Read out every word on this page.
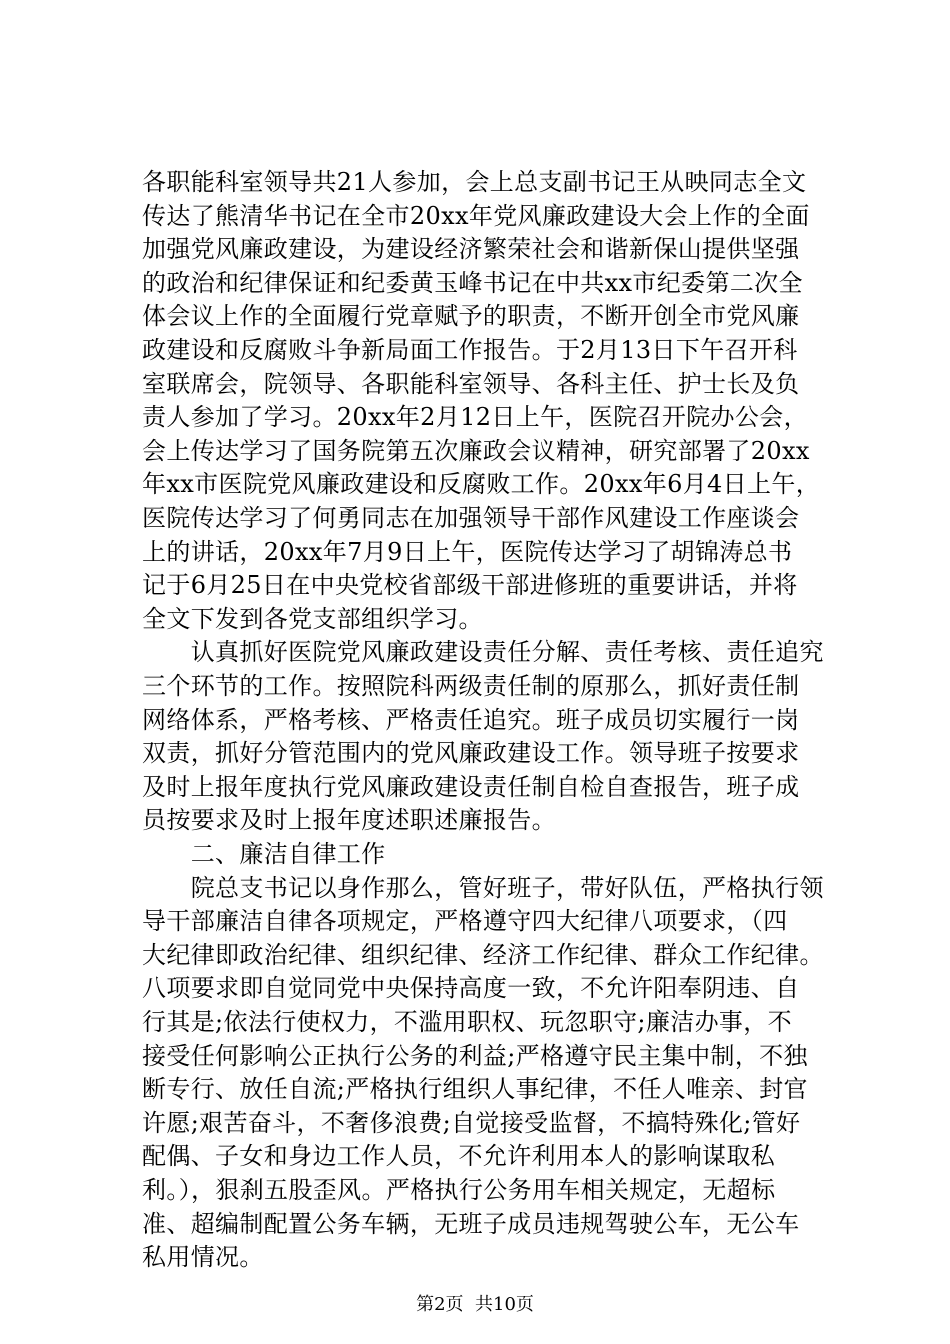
各职能科室领导共21人参加，会上总支副书记王从映同志全文
传达了熊清华书记在全市20xx年党风廉政建设大会上作的全面
加强党风廉政建设，为建设经济繁荣社会和谐新保山提供坚强
的政治和纪律保证和纪委黄玉峰书记在中共xx市纪委第二次全
体会议上作的全面履行党章赋予的职责，不断开创全市党风廉
政建设和反腐败斗争新局面工作报告。于2月13日下午召开科
室联席会，院领导、各职能科室领导、各科主任、护士长及负
责人参加了学习。20xx年2月12日上午，医院召开院办公会，
会上传达学习了国务院第五次廉政会议精神，研究部署了20xx
年xx市医院党风廉政建设和反腐败工作。20xx年6月4日上午，
医院传达学习了何勇同志在加强领导干部作风建设工作座谈会
上的讲话，20xx年7月9日上午，医院传达学习了胡锦涛总书
记于6月25日在中央党校省部级干部进修班的重要讲话，并将
全文下发到各党支部组织学习。
　　认真抓好医院党风廉政建设责任分解、责任考核、责任追究
三个环节的工作。按照院科两级责任制的原那么，抓好责任制
网络体系，严格考核、严格责任追究。班子成员切实履行一岗
双责，抓好分管范围内的党风廉政建设工作。领导班子按要求
及时上报年度执行党风廉政建设责任制自检自查报告，班子成
员按要求及时上报年度述职述廉报告。
　　二、廉洁自律工作
　　院总支书记以身作那么，管好班子，带好队伍，严格执行领
导干部廉洁自律各项规定，严格遵守四大纪律八项要求，（四
大纪律即政治纪律、组织纪律、经济工作纪律、群众工作纪律。
八项要求即自觉同党中央保持高度一致，不允许阳奉阴违、自
行其是;依法行使权力，不滥用职权、玩忽职守;廉洁办事，不
接受任何影响公正执行公务的利益;严格遵守民主集中制，不独
断专行、放任自流;严格执行组织人事纪律，不任人唯亲、封官
许愿;艰苦奋斗，不奢侈浪费;自觉接受监督，不搞特殊化;管好
配偶、子女和身边工作人员，不允许利用本人的影响谋取私
利。），狠刹五股歪风。严格执行公务用车相关规定，无超标
准、超编制配置公务车辆，无班子成员违规驾驶公车，无公车
私用情况。
第2页 共10页
